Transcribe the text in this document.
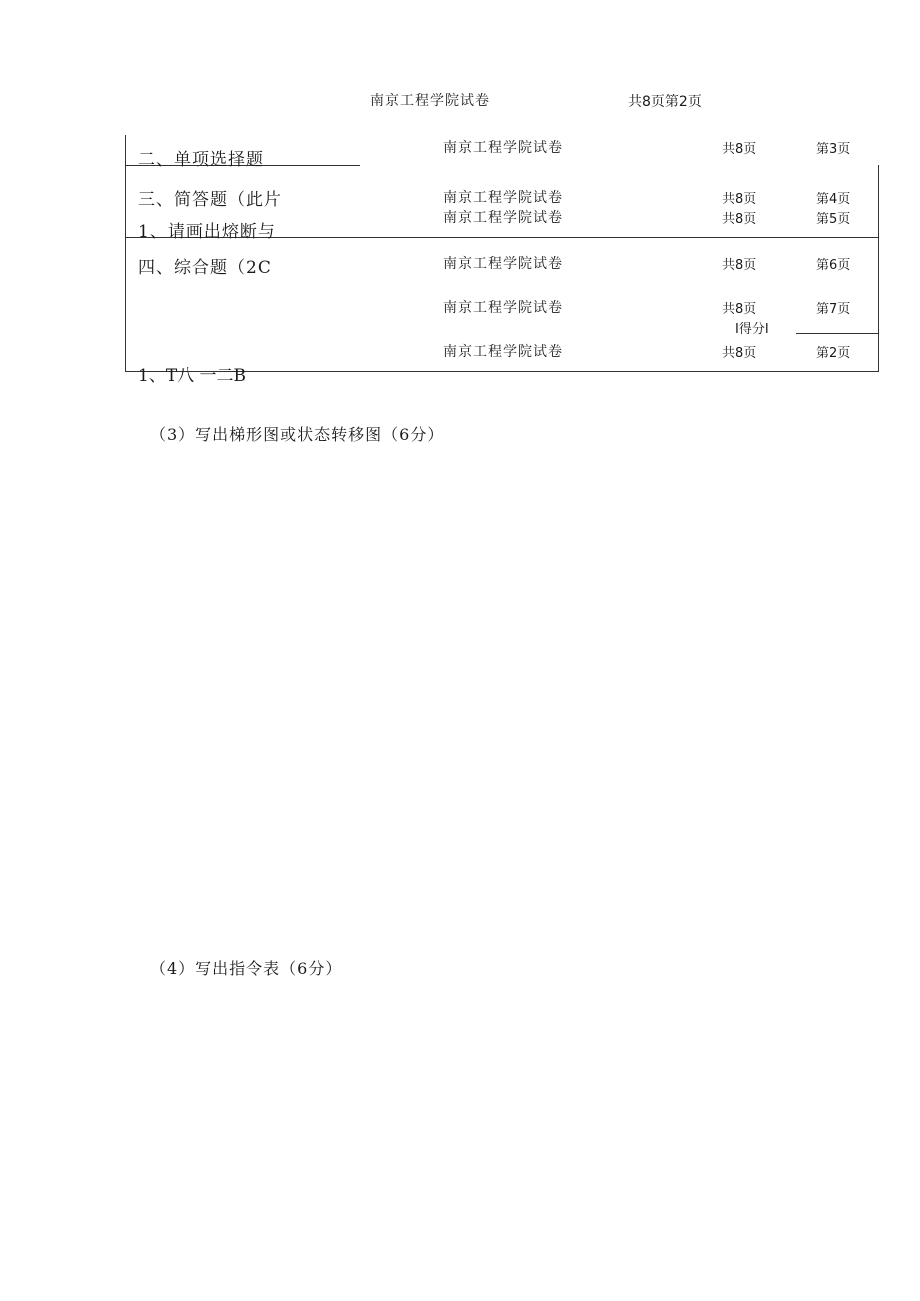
南京工程学院试卷	共8页第2页
二、单项选择题
三、简答题（此片
1、请画出熔断与
四、综合题（2C
1、T八 一二B
南京工程学院试卷	共8页	第3页
南京工程学院试卷	共8页	第4页
南京工程学院试卷	共8页	第5页
南京工程学院试卷	共8页	第6页
南京工程学院试卷	共8页	第7页
I得分I
南京工程学院试卷	共8页	第2页
（3）写出梯形图或状态转移图（6分）
（4）写出指令表（6分）
